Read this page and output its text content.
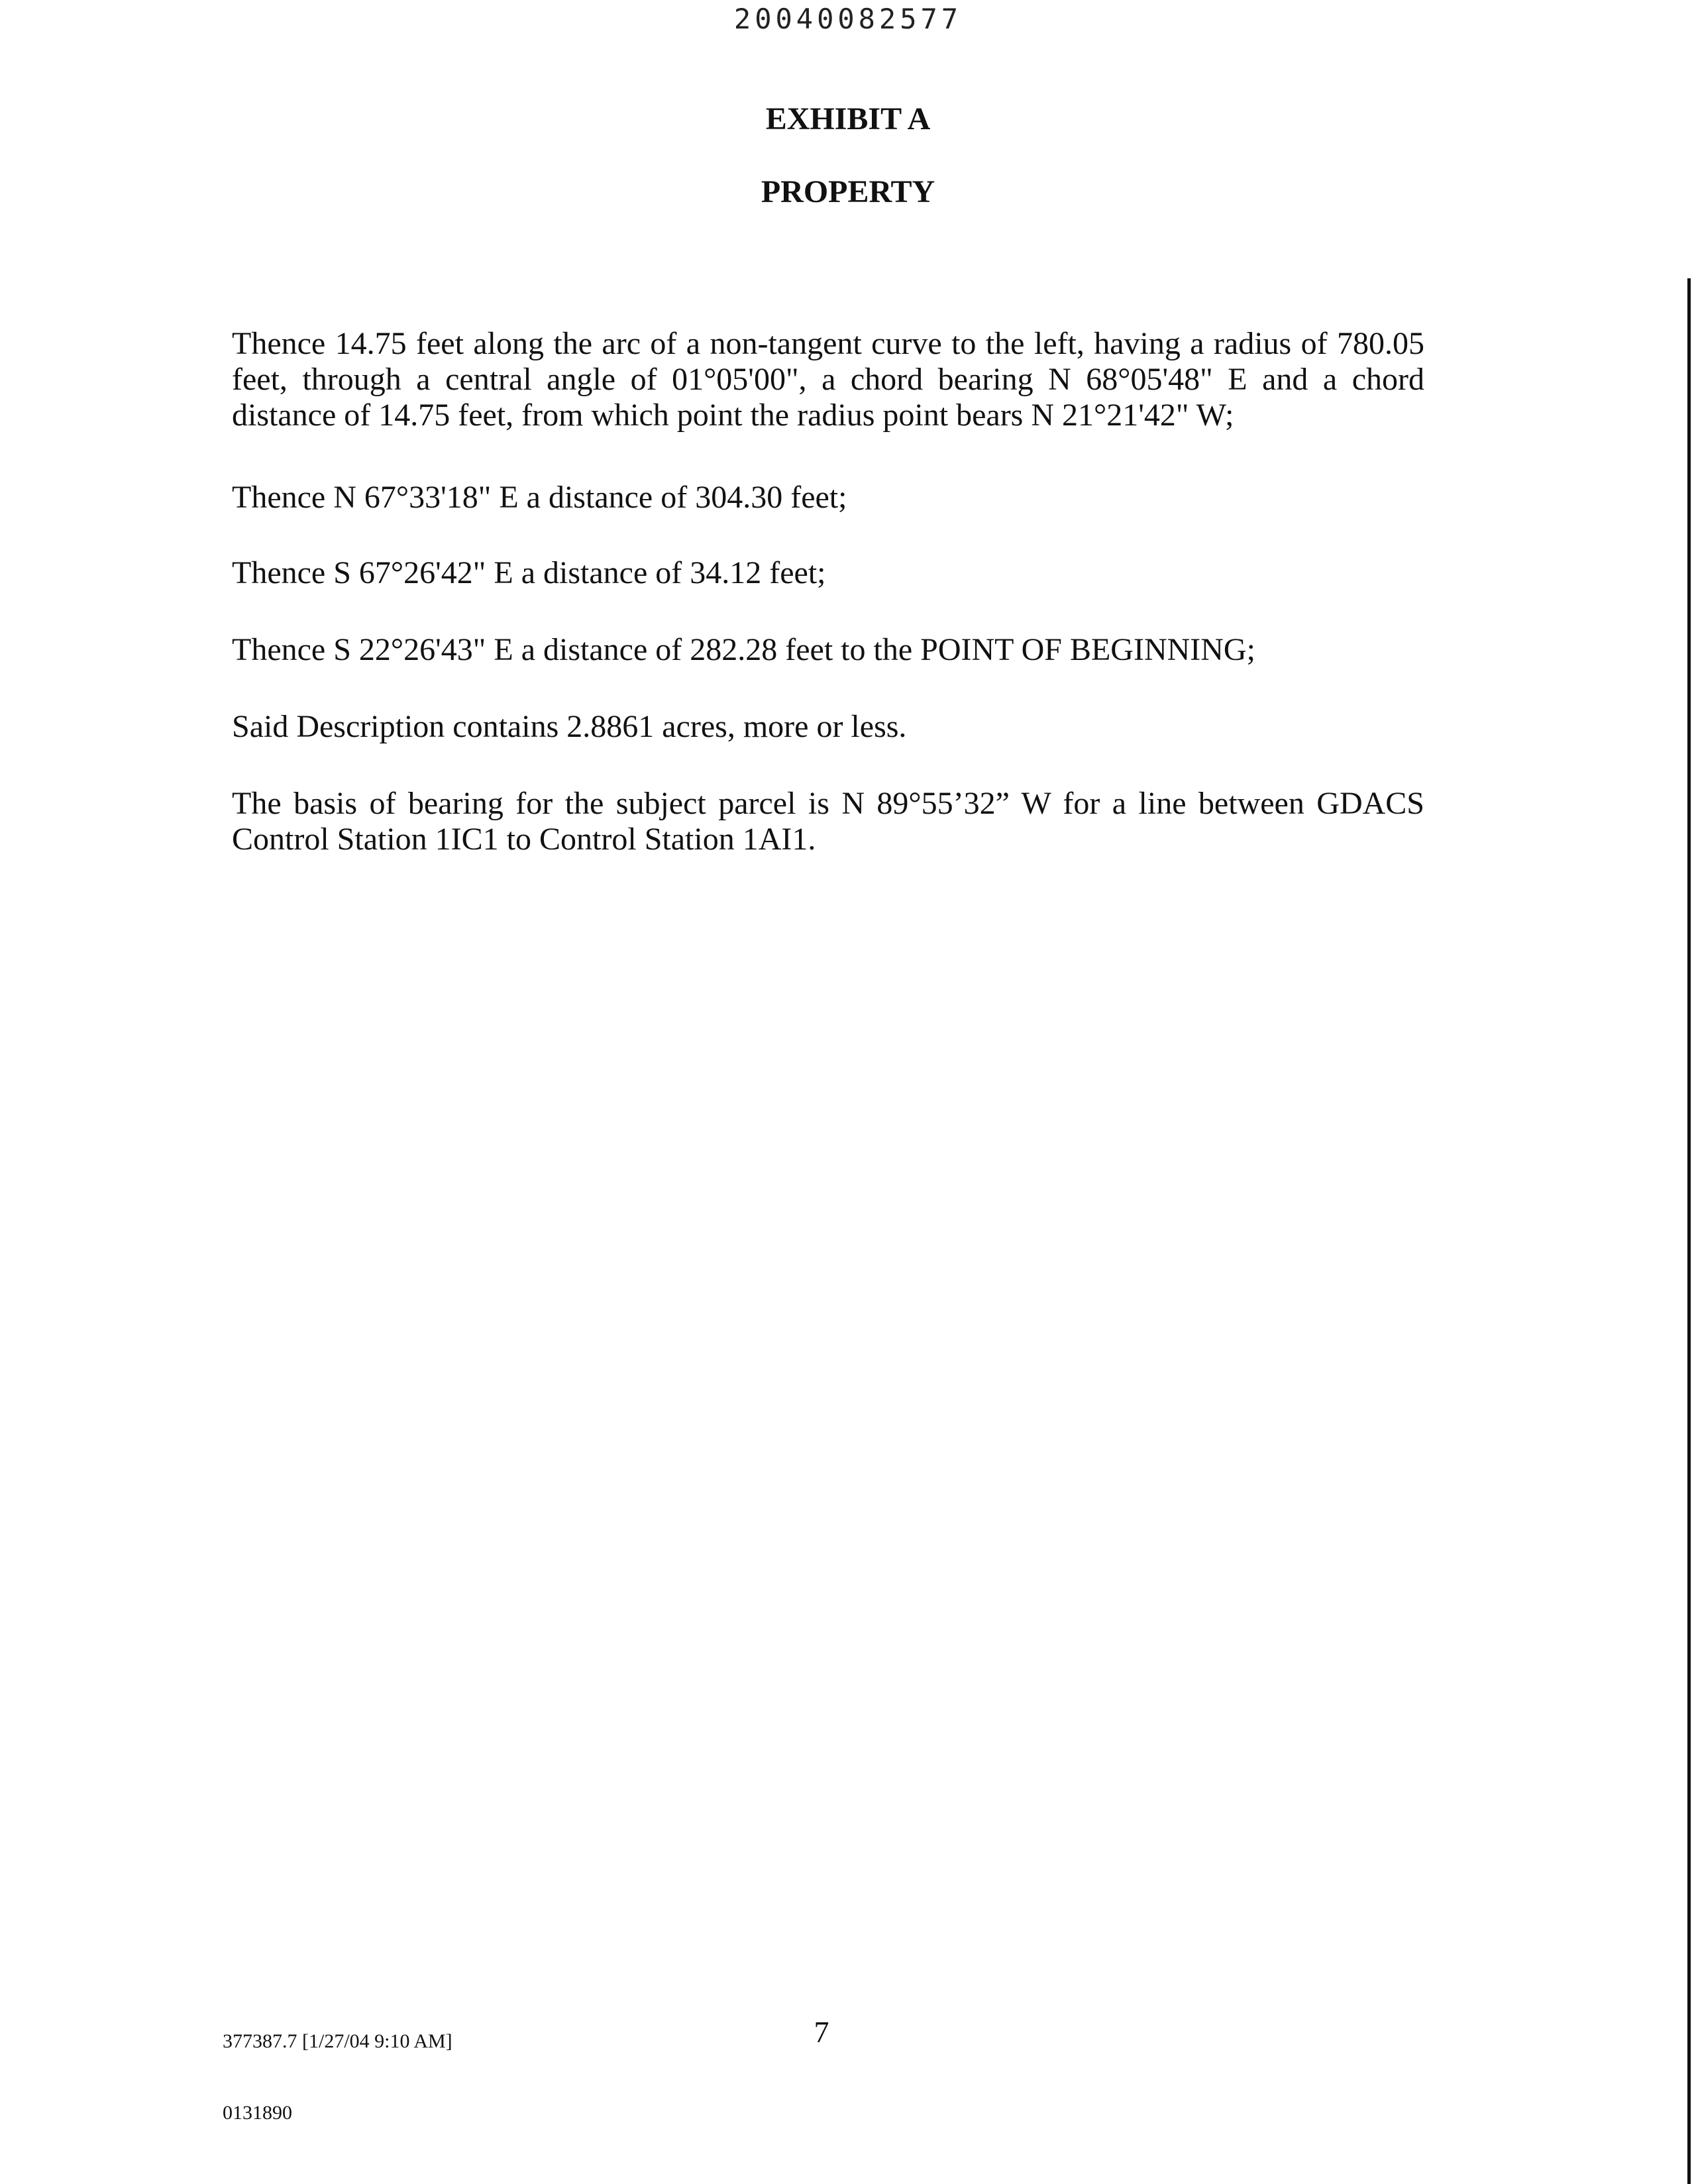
20040082577
EXHIBIT A
PROPERTY
Thence 14.75 feet along the arc of a non-tangent curve to the left, having a radius of 780.05 feet, through a central angle of 01°05'00", a chord bearing N 68°05'48" E and a chord distance of 14.75 feet, from which point the radius point bears N 21°21'42" W;
Thence N 67°33'18" E a distance of 304.30 feet;
Thence S 67°26'42" E a distance of 34.12 feet;
Thence S 22°26'43" E a distance of 282.28 feet to the POINT OF BEGINNING;
Said Description contains 2.8861 acres, more or less.
The basis of bearing for the subject parcel is N 89°55’32” W for a line between GDACS Control Station 1IC1 to Control Station 1AI1.

377387.7 [1/27/04 9:10 AM]

0131890

7
